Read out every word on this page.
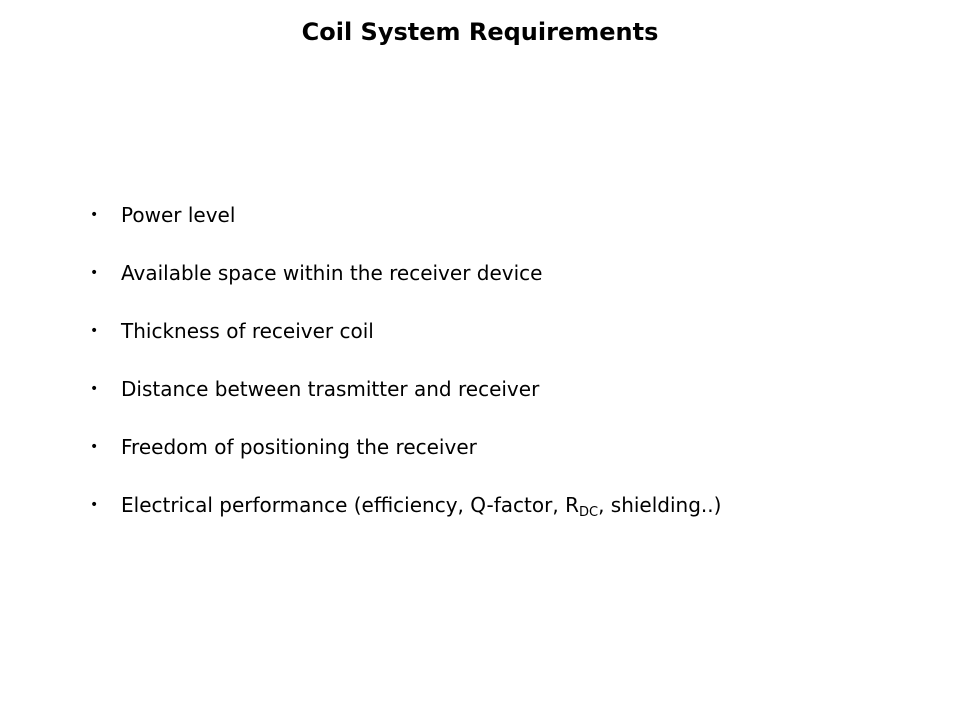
Coil System Requirements
• Power level
• Available space within the receiver device
• Thickness of receiver coil
• Distance between trasmitter and receiver
• Freedom of positioning the receiver
• Electrical performance (efficiency, Q-factor, $R_{DC}$, shielding..)
